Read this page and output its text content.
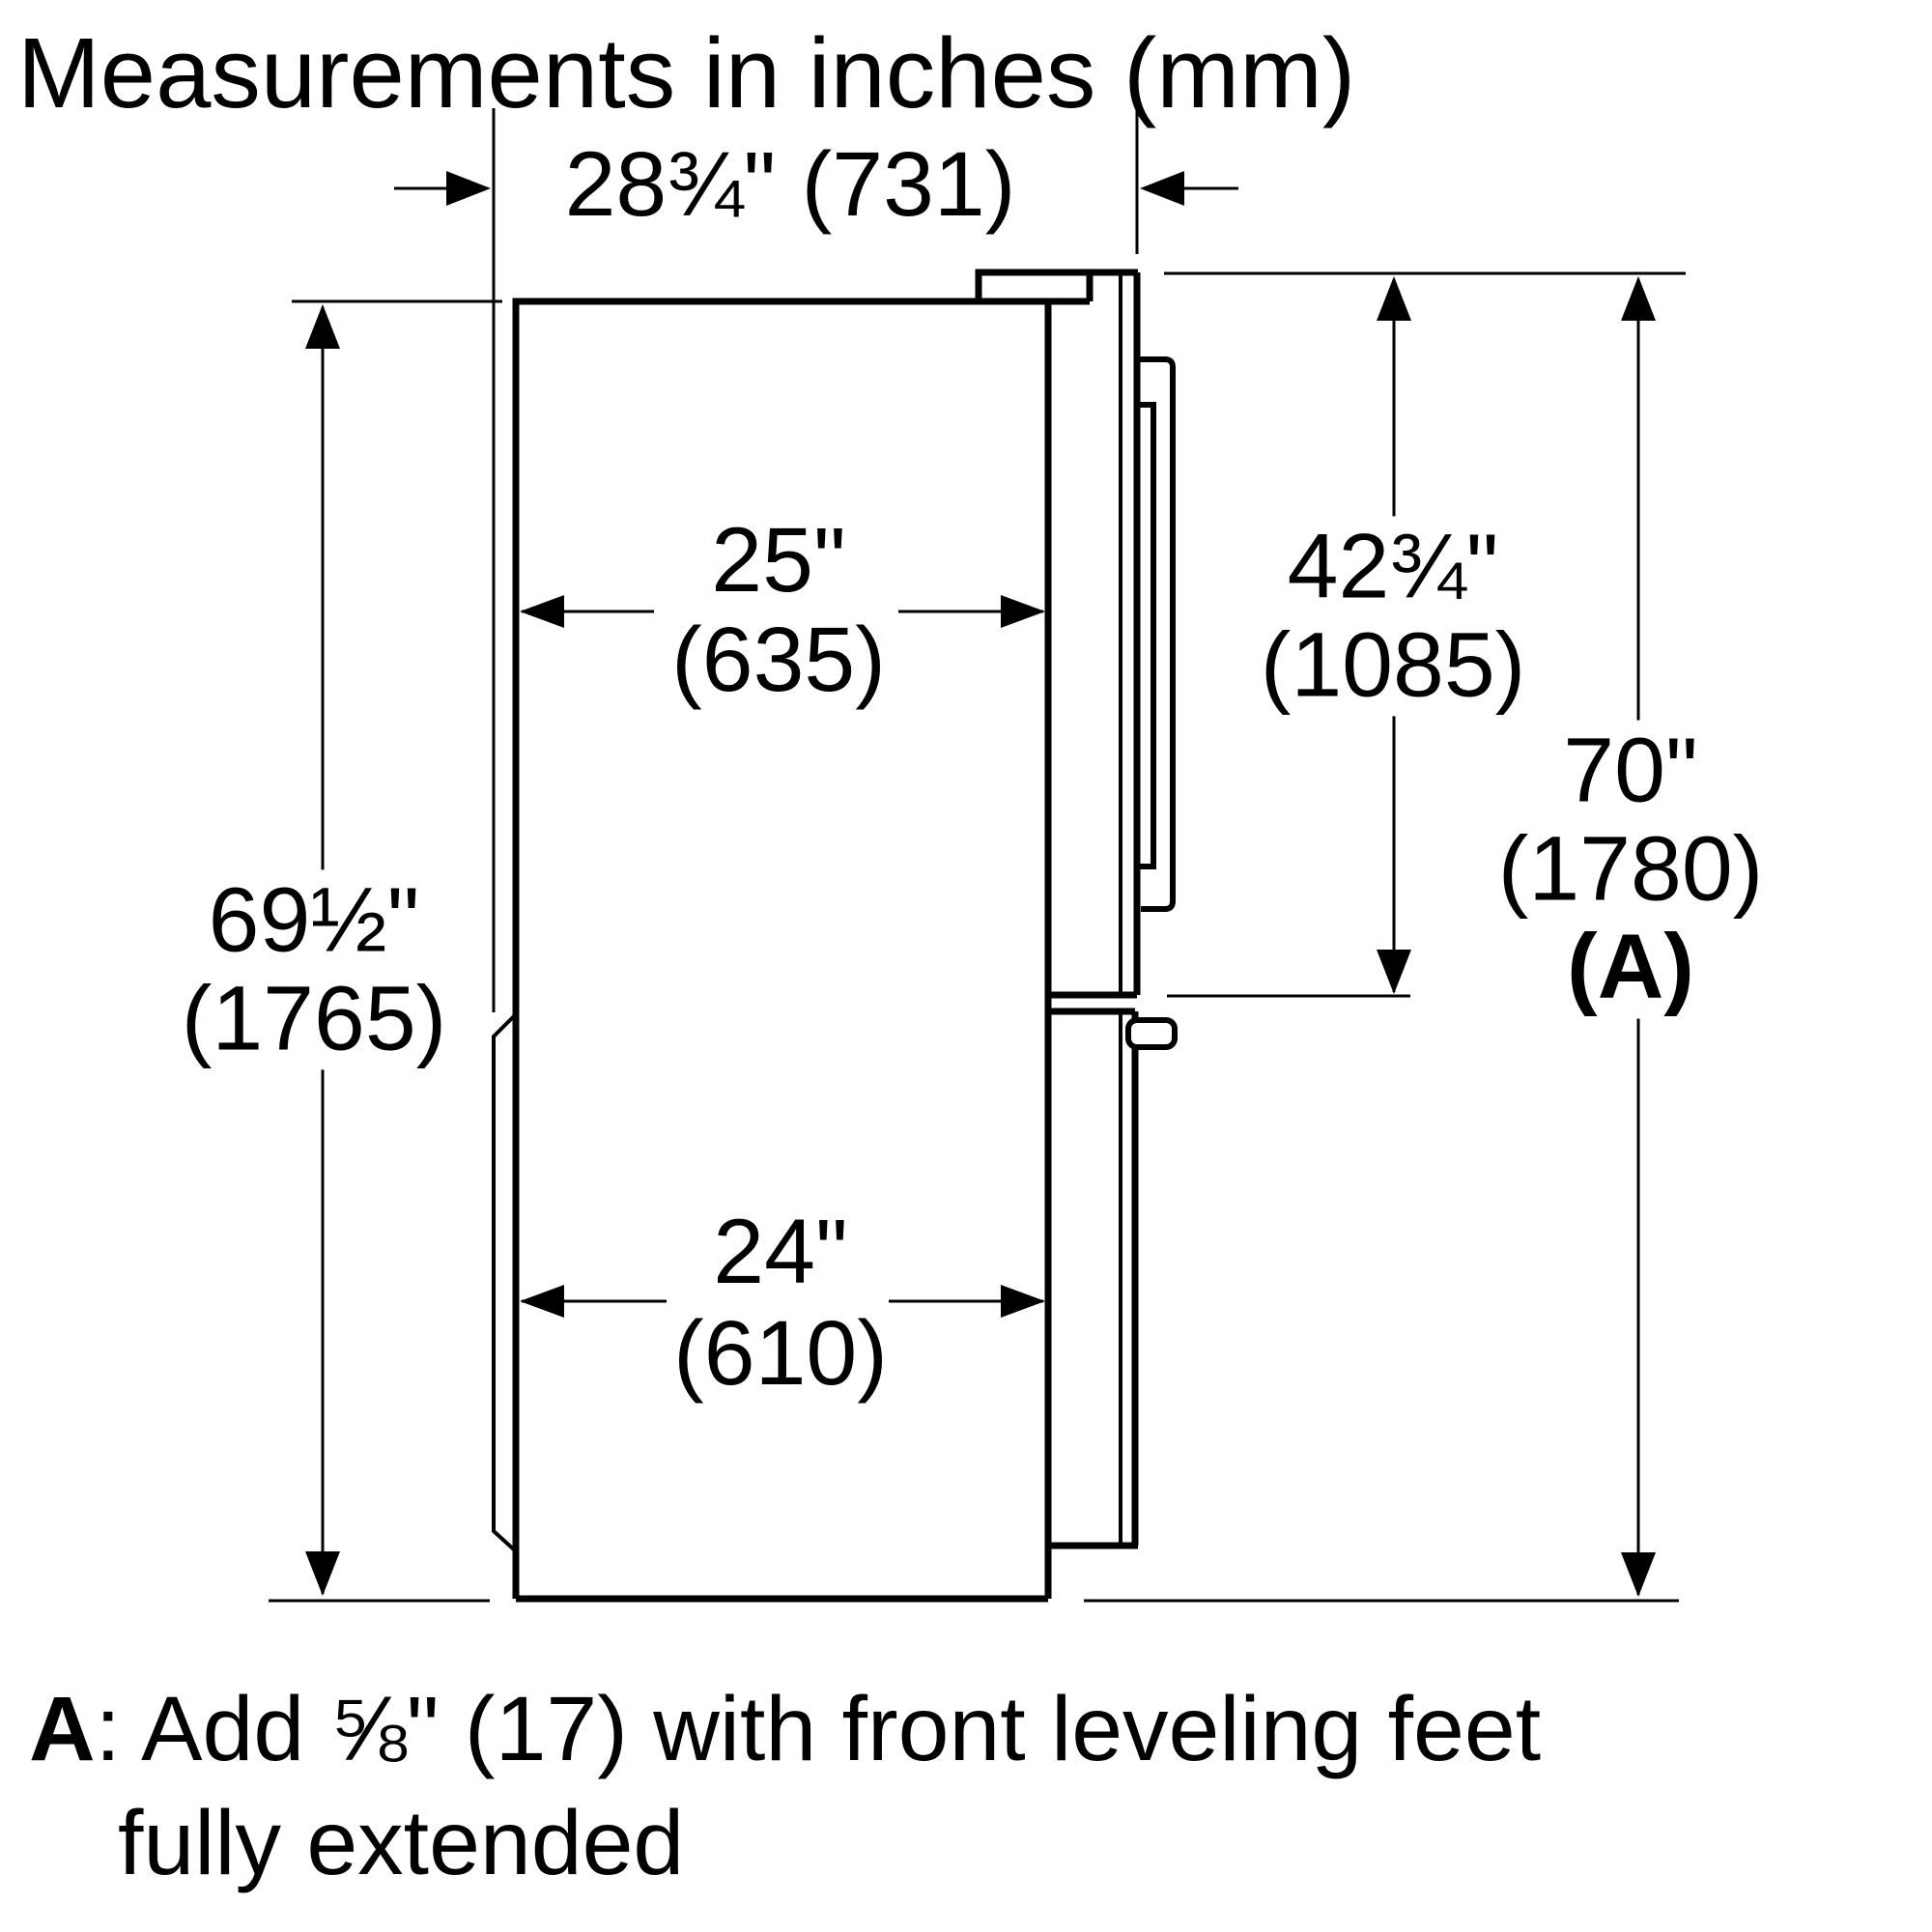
Measurements in inches (mm)
28¾" (731)
25"
(635)
24"
(610)
69½"
(1765)
42¾"
(1085)
70"
(1780)
(A)
A: Add ⅝" (17) with front leveling feet
fully extended
